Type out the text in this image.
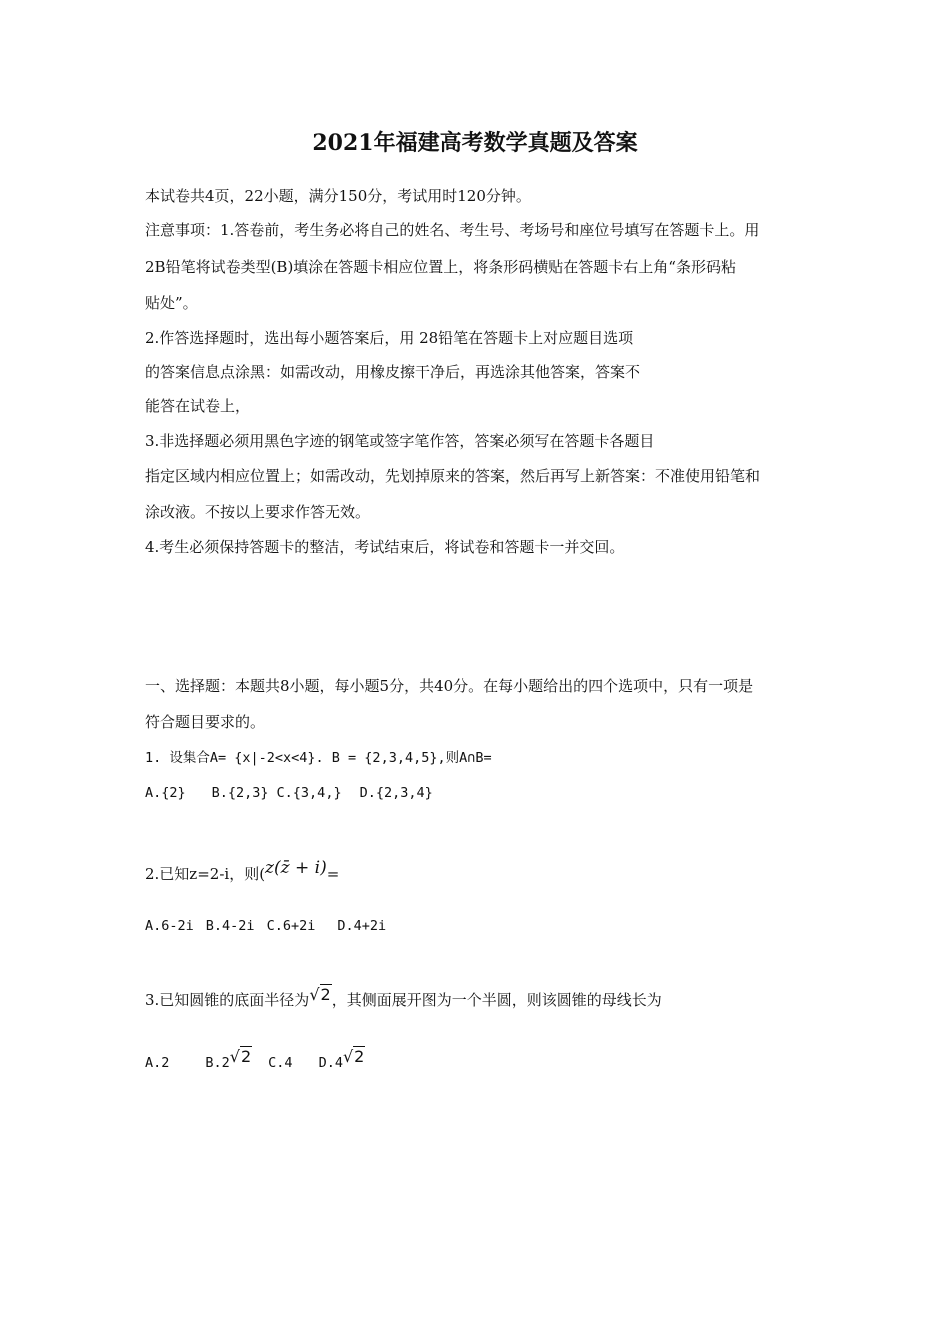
2021年福建高考数学真题及答案
本试卷共4页，22小题，满分150分，考试用时120分钟。
注意事项：1.答卷前，考生务必将自己的姓名、考生号、考场号和座位号填写在答题卡上。用
2B铅笔将试卷类型(B)填涂在答题卡相应位置上，将条形码横贴在答题卡右上角“条形码粘
贴处”。
2.作答选择题时，选出每小题答案后，用 28铅笔在答题卡上对应题目选项
的答案信息点涂黑：如需改动，用橡皮擦干净后，再选涂其他答案，答案不
能答在试卷上，
3.非选择题必须用黑色字迹的钢笔或签字笔作答，答案必须写在答题卡各题目
指定区域内相应位置上；如需改动，先划掉原来的答案，然后再写上新答案：不准使用铅笔和
涂改液。不按以上要求作答无效。
4.考生必须保持答题卡的整洁，考试结束后，将试卷和答题卡一并交回。
一、选择题：本题共8小题，每小题5分，共40分。在每小题给出的四个选项中，只有一项是
符合题目要求的。
1. 设集合A= {x|-2<x<4}. B = {2,3,4,5},则A∩B=
A.{2} B.{2,3} C.{3,4,} D.{2,3,4}
2.已知z=2-i，则(z(z̄ + i)=
A.6-2i B.4-2i C.6+2i D.4+2i
3.已知圆锥的底面半径为√2，其侧面展开图为一个半圆，则该圆锥的母线长为
A.2	B.2√2 C.4 D.4√2
